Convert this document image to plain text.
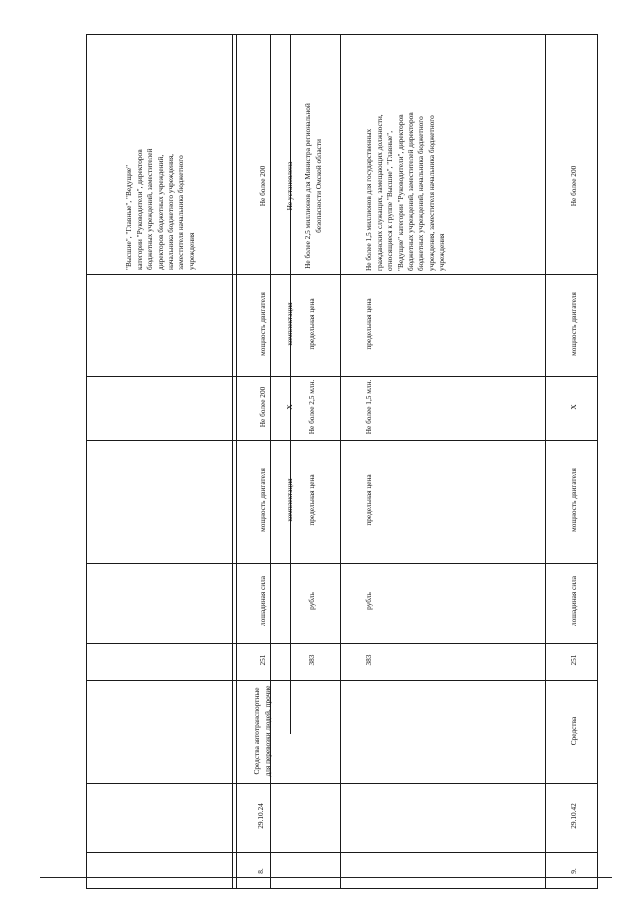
"Высшие", "Главные", "Ведущие" категории "Руководители", директоров бюджетных учреждений, заместителей директоров бюджетных учреждений, начальника бюджетного учреждения, заместителя начальника бюджетного учреждения

8.

29.10.24

Средства автотранспортные для перевозки людей, прочие

251

лошадиная сила

мощность двигателя

Не более 200

мощность двигателя

Не более 200

комплектация

X

комплектация

Не установлена

383

рубль

предельная цена

Не более 2,5 млн.

предельная цена

Не более 2,5 миллионов для Министра региональной безопасности Омской области

383

рубль

предельная цена

Не более 1,5 млн.

предельная цена

Не более 1,5 миллионов для государственных гражданских служащих, замещающих должности, относящиеся к группе "Высшие", "Главные", "Ведущие" категории "Руководители", директоров бюджетных учреждений, заместителей директоров бюджетных учреждений, начальника бюджетного учреждения, заместителя начальника бюджетного учреждения

9.

29.10.42

Средства

251

лошадиная сила

мощность двигателя

X

мощность двигателя

Не более 200
